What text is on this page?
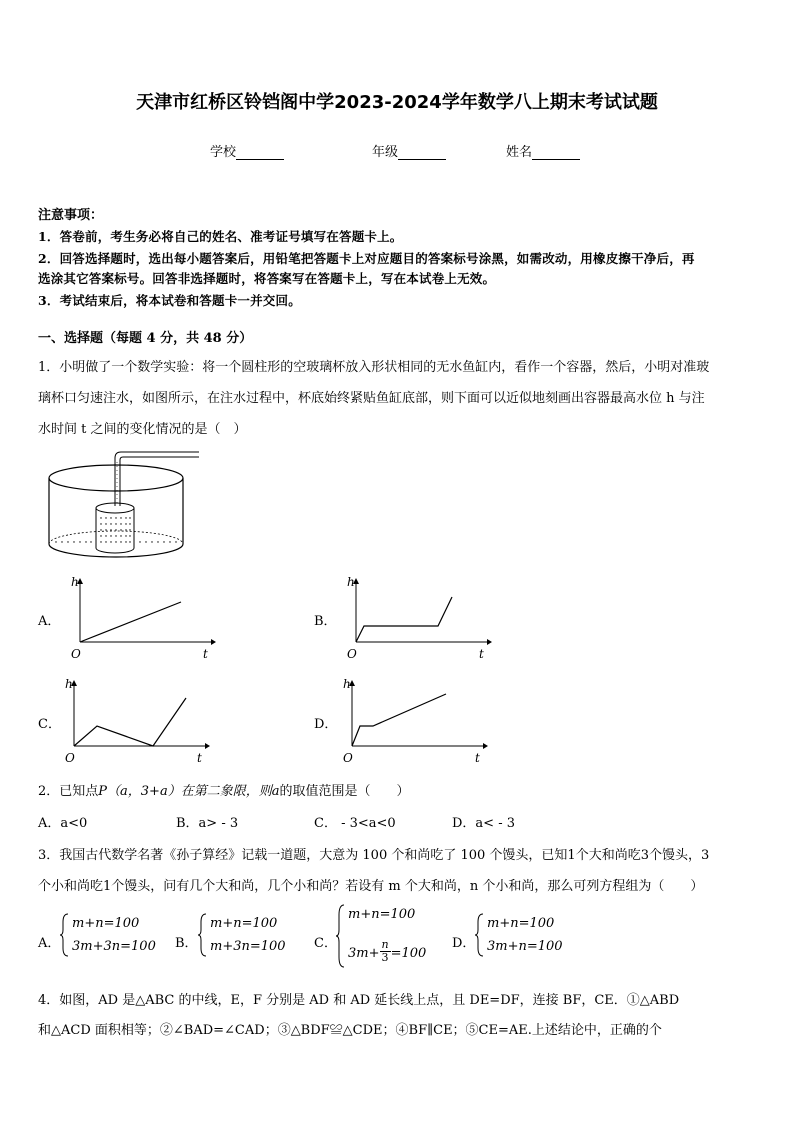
天津市红桥区铃铛阁中学2023-2024学年数学八上期末考试试题
学校	年级	姓名
注意事项：
1．答卷前，考生务必将自己的姓名、准考证号填写在答题卡上。
2．回答选择题时，选出每小题答案后，用铅笔把答题卡上对应题目的答案标号涂黑，如需改动，用橡皮擦干净后，再
选涂其它答案标号。回答非选择题时，将答案写在答题卡上，写在本试卷上无效。
3．考试结束后，将本试卷和答题卡一并交回。
一、选择题（每题 4 分，共 48 分）
1．小明做了一个数学实验：将一个圆柱形的空玻璃杯放入形状相同的无水鱼缸内，看作一个容器，然后，小明对准玻
璃杯口匀速注水，如图所示，在注水过程中，杯底始终紧贴鱼缸底部，则下面可以近似地刻画出容器最高水位 h 与注
水时间 t 之间的变化情况的是（　）
A．
h
t
O
B．
h
t
O
C．
h
t
O
D．
h
t
O
2．已知点P（a，3+a）在第二象限，则a的取值范围是（　　）
A．a<0	B．a> - 3	C． - 3<a<0	D．a< - 3
3．我国古代数学名著《孙子算经》记载一道题，大意为 100 个和尚吃了 100 个馒头，已知1个大和尚吃3个馒头，3
个小和尚吃1个馒头，问有几个大和尚，几个小和尚？若设有 m 个大和尚，n 个小和尚，那么可列方程组为（　　）
A．
m+n=100
3m+3n=100 B．
m+n=100
m+3n=100 C．
m+n=100
$3m+ \frac{n}{3} =100$
D．
m+n=100
3m+n=100
4．如图，AD 是△ABC 的中线，E，F 分别是 AD 和 AD 延长线上点，且 DE=DF，连接 BF，CE．①△ABD
和△ACD 面积相等；②∠BAD=∠CAD；③△BDF≌△CDE；④BF∥CE；⑤CE=AE.上述结论中，正确的个
